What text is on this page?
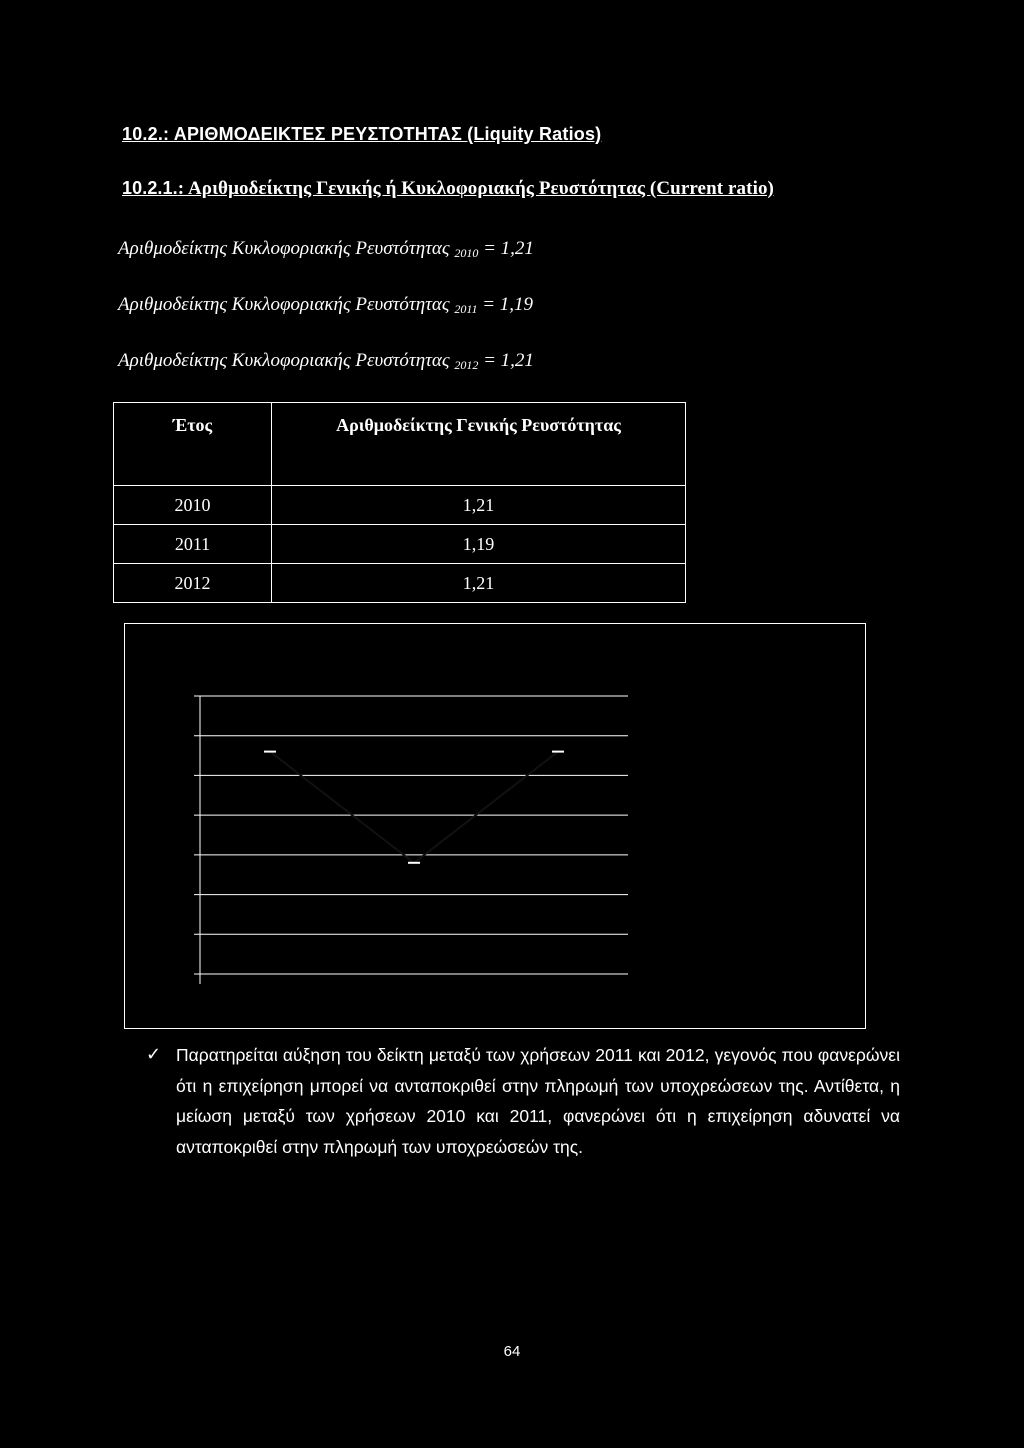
10.2.: ΑΡΙΘΜΟΔΕΙΚΤΕΣ ΡΕΥΣΤΟΤΗΤΑΣ (Liquity Ratios)
10.2.1.: Αριθμοδείκτης Γενικής ή Κυκλοφοριακής Ρευστότητας (Current ratio)
Αριθμοδείκτης Κυκλοφοριακής Ρευστότητας $_{2010}$ = 1,21
Αριθμοδείκτης Κυκλοφοριακής Ρευστότητας $_{2011}$ = 1,19
Αριθμοδείκτης Κυκλοφοριακής Ρευστότητας $_{2012}$ = 1,21
Έτος	Αριθμοδείκτης Γενικής Ρευστότητας
2010	1,21
2011	1,19
2012	1,21
✓ Παρατηρείται αύξηση του δείκτη μεταξύ των χρήσεων 2011 και 2012, γεγονός που φανερώνει ότι η επιχείρηση μπορεί να ανταποκριθεί στην πληρωμή των υποχρεώσεων της. Αντίθετα, η μείωση μεταξύ των χρήσεων 2010 και 2011, φανερώνει ότι η επιχείρηση αδυνατεί να ανταποκριθεί στην πληρωμή των υποχρεώσεών της.
64
